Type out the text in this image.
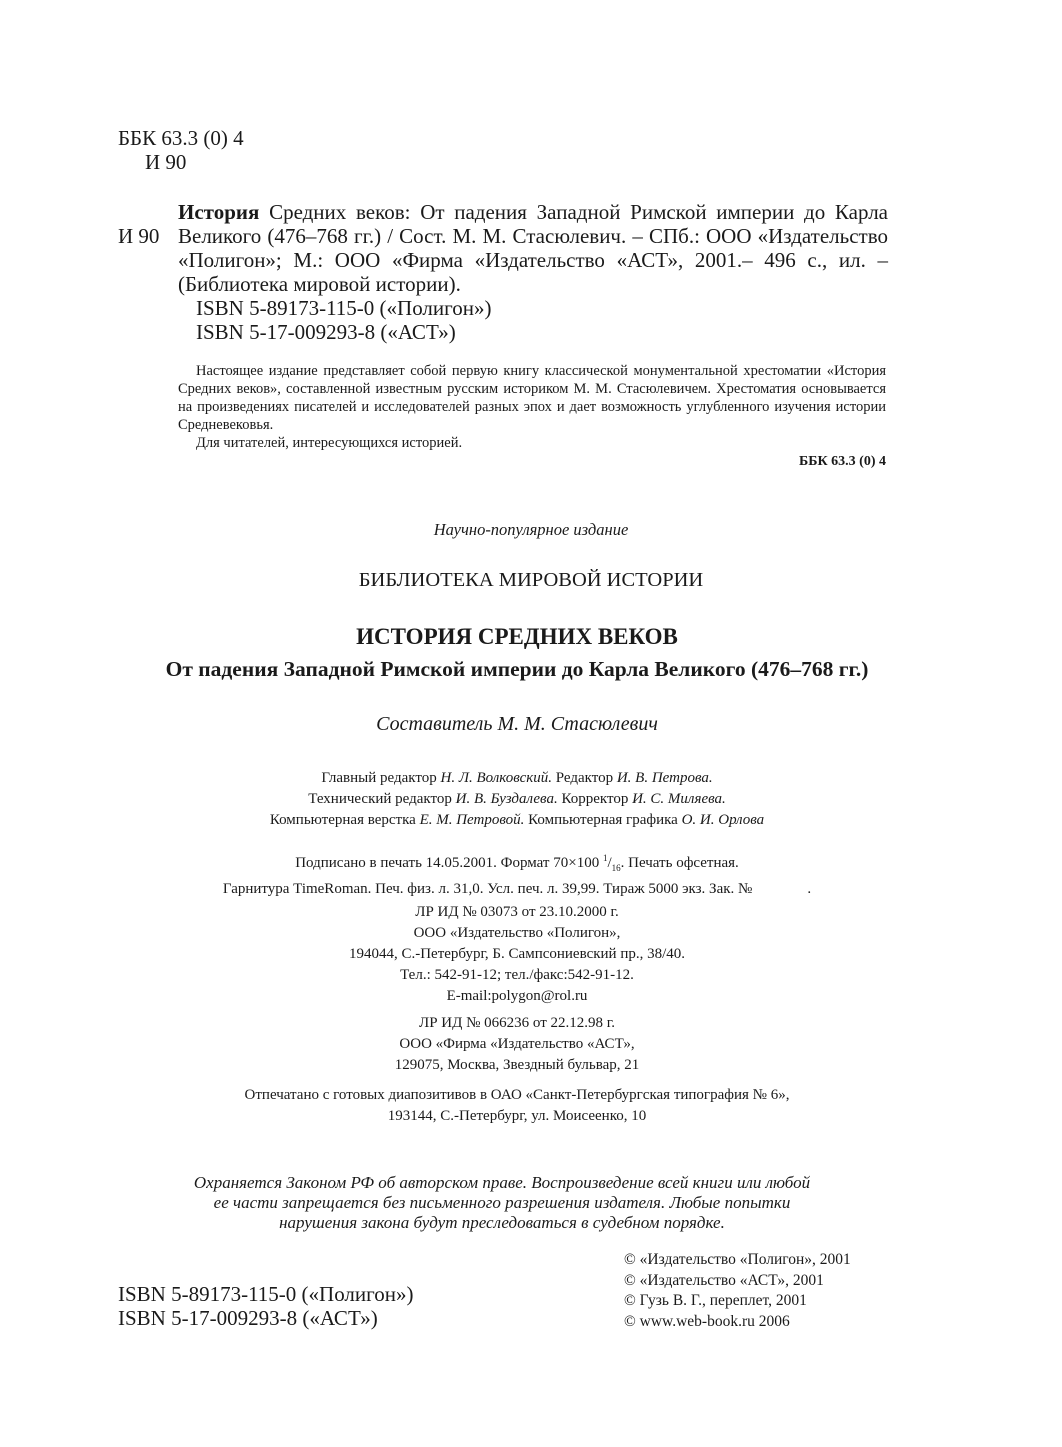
ББК 63.3 (0) 4
И 90
И 90
История Средних веков: От падения Западной Римской империи до Карла
Великого (476–768 гг.) / Сост. М. М. Стасюлевич. – СПб.: ООО «Издательство
«Полигон»; М.: ООО «Фирма «Издательство «АСТ», 2001.– 496 с., ил. –
(Библиотека мировой истории).
ISBN 5-89173-115-0 («Полигон»)
ISBN 5-17-009293-8 («АСТ»)
Настоящее издание представляет собой первую книгу классической монументальной хрестоматии «История Средних веков», составленной известным русским историком М. М. Стасюлевичем. Хрестоматия основывается на произведениях писателей и исследователей разных эпох и дает возможность углубленного изучения истории Средневековья.
Для читателей, интересующихся историей.
ББК 63.3 (0) 4
Научно-популярное издание
БИБЛИОТЕКА МИРОВОЙ ИСТОРИИ
ИСТОРИЯ СРЕДНИХ ВЕКОВ
От падения Западной Римской империи до Карла Великого (476–768 гг.)
Составитель М. М. Стасюлевич
Главный редактор Н. Л. Волковский. Редактор И. В. Петрова.
Технический редактор И. В. Буздалева. Корректор И. С. Миляева.
Компьютерная верстка Е. М. Петровой. Компьютерная графика О. И. Орлова
Подписано в печать 14.05.2001. Формат 70×100 $^1/_{16}$. Печать офсетная.
Гарнитура TimeRoman. Печ. физ. л. 31,0. Усл. печ. л. 39,99. Тираж 5000 экз. Зак. №	.
ЛР ИД № 03073 от 23.10.2000 г.
ООО «Издательство «Полигон»,
194044, С.-Петербург, Б. Сампсониевский пр., 38/40.
Тел.: 542-91-12; тел./факс:542-91-12.
E-mail:polygon@rol.ru
ЛР ИД № 066236 от 22.12.98 г.
ООО «Фирма «Издательство «АСТ»,
129075, Москва, Звездный бульвар, 21
Отпечатано с готовых диапозитивов в ОАО «Санкт-Петербургская типография № 6»,
193144, С.-Петербург, ул. Моисеенко, 10
Охраняется Законом РФ об авторском праве. Воспроизведение всей книги или любой
ее части запрещается без письменного разрешения издателя. Любые попытки
нарушения закона будут преследоваться в судебном порядке.
ISBN 5-89173-115-0 («Полигон»)
ISBN 5-17-009293-8 («АСТ»)
© «Издательство «Полигон», 2001
© «Издательство «АСТ», 2001
© Гузь В. Г., переплет, 2001
© www.web-book.ru 2006
